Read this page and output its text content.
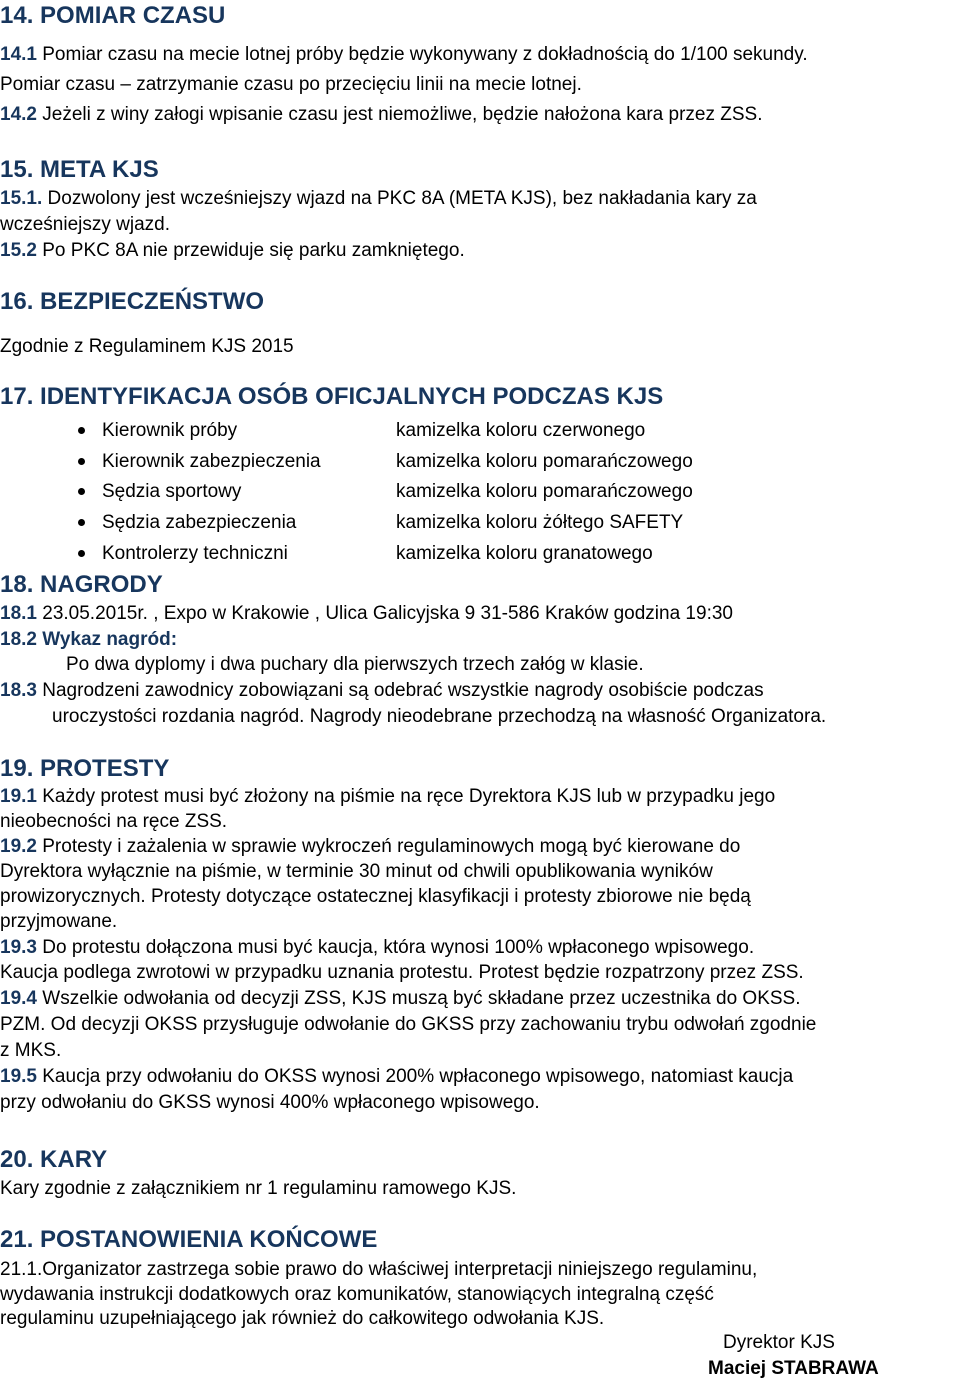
14. POMIAR CZASU
14.1 Pomiar czasu na mecie lotnej próby będzie wykonywany z dokładnością do 1/100 sekundy.
Pomiar czasu – zatrzymanie czasu po przecięciu linii na mecie lotnej.
14.2 Jeżeli z winy załogi wpisanie czasu jest niemożliwe, będzie nałożona kara przez ZSS.
15. META KJS
15.1. Dozwolony jest wcześniejszy wjazd na PKC 8A (META KJS), bez nakładania kary za
wcześniejszy wjazd.
15.2 Po PKC 8A nie przewiduje się parku zamkniętego.
16. BEZPIECZEŃSTWO
Zgodnie z Regulaminem KJS 2015
17. IDENTYFIKACJA OSÓB OFICJALNYCH PODCZAS KJS
Kierownik próby	kamizelka koloru czerwonego
Kierownik zabezpieczenia	kamizelka koloru pomarańczowego
Sędzia sportowy	kamizelka koloru pomarańczowego
Sędzia zabezpieczenia	kamizelka koloru żółtego SAFETY
Kontrolerzy techniczni	kamizelka koloru granatowego
18. NAGRODY
18.1 23.05.2015r. , Expo w Krakowie , Ulica Galicyjska 9 31-586 Kraków godzina 19:30
18.2 Wykaz nagród:
Po dwa dyplomy i dwa puchary dla pierwszych trzech załóg w klasie.
18.3 Nagrodzeni zawodnicy zobowiązani są odebrać wszystkie nagrody osobiście podczas
uroczystości rozdania nagród. Nagrody nieodebrane przechodzą na własność Organizatora.
19. PROTESTY
19.1 Każdy protest musi być złożony na piśmie na ręce Dyrektora KJS lub w przypadku jego
nieobecności na ręce ZSS.
19.2 Protesty i zażalenia w sprawie wykroczeń regulaminowych mogą być kierowane do
Dyrektora wyłącznie na piśmie, w terminie 30 minut od chwili opublikowania wyników
prowizorycznych. Protesty dotyczące ostatecznej klasyfikacji i protesty zbiorowe nie będą
przyjmowane.
19.3 Do protestu dołączona musi być kaucja, która wynosi 100% wpłaconego wpisowego.
Kaucja podlega zwrotowi w przypadku uznania protestu. Protest będzie rozpatrzony przez ZSS.
19.4 Wszelkie odwołania od decyzji ZSS, KJS muszą być składane przez uczestnika do OKSS.
PZM. Od decyzji OKSS przysługuje odwołanie do GKSS przy zachowaniu trybu odwołań zgodnie
z MKS.
19.5 Kaucja przy odwołaniu do OKSS wynosi 200% wpłaconego wpisowego, natomiast kaucja
przy odwołaniu do GKSS wynosi 400% wpłaconego wpisowego.
20. KARY
Kary zgodnie z załącznikiem nr 1 regulaminu ramowego KJS.
21. POSTANOWIENIA KOŃCOWE
21.1.Organizator zastrzega sobie prawo do właściwej interpretacji niniejszego regulaminu,
wydawania instrukcji dodatkowych oraz komunikatów, stanowiących integralną część
regulaminu uzupełniającego jak również do całkowitego odwołania KJS.
Dyrektor KJS
Maciej STABRAWA
